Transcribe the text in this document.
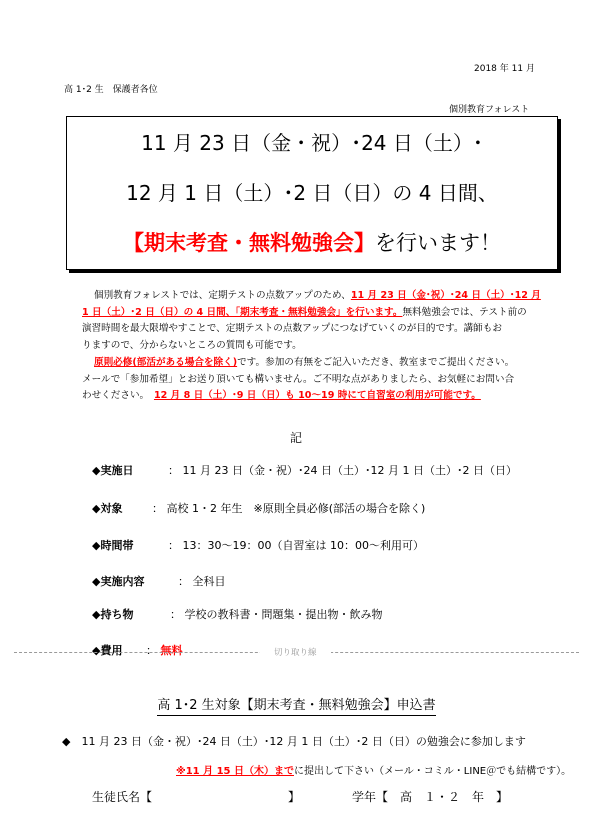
2018 年 11 月
高 1･2 生　保護者各位
個別教育フォレスト
11 月 23 日（金・祝）･24 日（土）･
12 月 1 日（土）･2 日（日）の 4 日間、
【期末考査・無料勉強会】を行います！
個別教育フォレストでは、定期テストの点数アップのため、11 月 23 日（金･祝）･24 日（土）･12 月
1 日（土）･2 日（日）の 4 日間、「期末考査・無料勉強会」を行います。無料勉強会では、テスト前の
演習時間を最大限増やすことで、定期テストの点数アップにつなげていくのが目的です。講師もお
りますので、分からないところの質問も可能です。
原則必修(部活がある場合を除く)です。参加の有無をご記入いただき、教室までご提出ください。
メールで「参加希望」とお送り頂いても構いません。ご不明な点がありましたら、お気軽にお問い合
わせください。　 12 月 8 日（土）･9 日（日）も 10～19 時にて自習室の利用が可能です。
記
◆実施日	： 11 月 23 日（金・祝）･24 日（土）･12 月 1 日（土）･2 日（日）
◆対象	： 高校 1・2 年生　※原則全員必修(部活の場合を除く)
◆時間帯	： 13：30～19：00（自習室は 10：00～利用可）
◆実施内容	： 全科目
◆持ち物	： 学校の教科書・問題集・提出物・飲み物
◆費用 ： 無料	切り取り線
高 1･2 生対象【期末考査・無料勉強会】申込書
◆　11 月 23 日（金・祝）･24 日（土）･12 月 1 日（土）･2 日（日）の勉強会に参加します
※11 月 15 日（木）までに提出して下さい（メール・コミル・LINE＠でも結構です）。
生徒氏名【	】	学年【　高　１・２　年　】
